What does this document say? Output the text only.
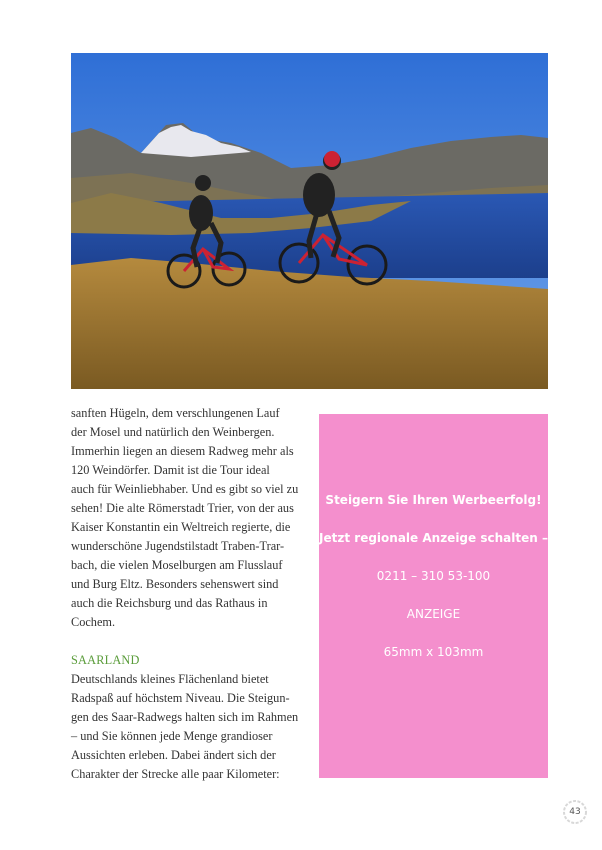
sanften Hügeln, dem verschlungenen Lauf
der Mosel und natürlich den Weinbergen.
Immerhin liegen an diesem Radweg mehr als
120 Weindörfer. Damit ist die Tour ideal
auch für Weinliebhaber. Und es gibt so viel zu
sehen! Die alte Römerstadt Trier, von der aus
Kaiser Konstantin ein Weltreich regierte, die
wunderschöne Jugendstilstadt Traben-Trar-
bach, die vielen Moselburgen am Flusslauf
und Burg Eltz. Besonders sehenswert sind
auch die Reichsburg und das Rathaus in
Cochem.

SAARLAND

Deutschlands kleines Flächenland bietet
Radspaß auf höchstem Niveau. Die Steigun-
gen des Saar-Radwegs halten sich im Rahmen
– und Sie können jede Menge grandioser
Aussichten erleben. Dabei ändert sich der
Charakter der Strecke alle paar Kilometer:

Steigern Sie Ihren Werbeerfolg!
Jetzt regionale Anzeige schalten –
0211 – 310 53-100
ANZEIGE
65mm x 103mm
43
